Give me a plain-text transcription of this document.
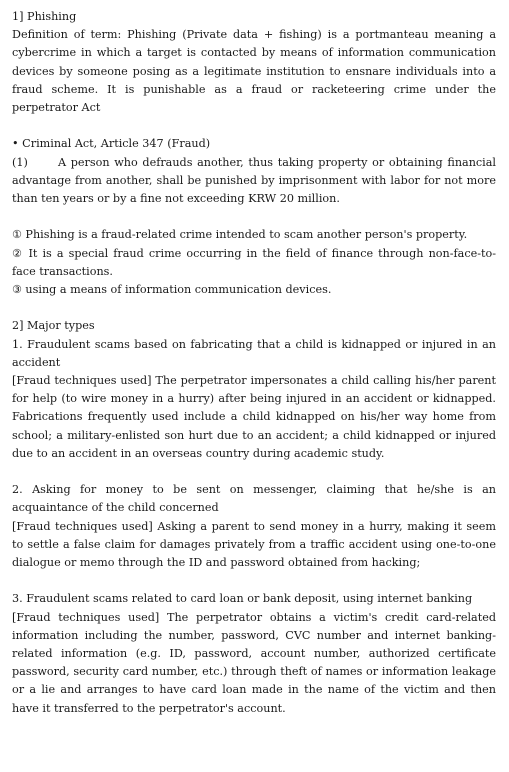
1] Phishing

Definition of term: Phishing (Private data + fishing) is a portmanteau meaning a cybercrime in which a target is contacted by means of information communication devices by someone posing as a legitimate institution to ensnare individuals into a fraud scheme. It is punishable as a fraud or racketeering crime under the perpetrator Act

• Criminal Act, Article 347 (Fraud)

(1)	A person who defrauds another, thus taking property or obtaining financial advantage from another, shall be punished by imprisonment with labor for not more than ten years or by a fine not exceeding KRW 20 million.

① Phishing is a fraud-related crime intended to scam another person's property.

② It is a special fraud crime occurring in the field of finance through non-face-to-face transactions.

③ using a means of information communication devices.

2] Major types

1. Fraudulent scams based on fabricating that a child is kidnapped or injured in an accident

[Fraud techniques used] The perpetrator impersonates a child calling his/her parent for help (to wire money in a hurry) after being injured in an accident or kidnapped. Fabrications frequently used include a child kidnapped on his/her way home from school; a military-enlisted son hurt due to an accident; a child kidnapped or injured due to an accident in an overseas country during academic study.

2. Asking for money to be sent on messenger, claiming that he/she is an acquaintance of the child concerned

[Fraud techniques used] Asking a parent to send money in a hurry, making it seem to settle a false claim for damages privately from a traffic accident using one-to-one dialogue or memo through the ID and password obtained from hacking;

3. Fraudulent scams related to card loan or bank deposit, using internet banking

[Fraud techniques used] The perpetrator obtains a victim's credit card-related information including the number, password, CVC number and internet banking-related information (e.g. ID, password, account number, authorized certificate password, security card number, etc.) through theft of names or information leakage or a lie and arranges to have card loan made in the name of the victim and then have it transferred to the perpetrator's account.
